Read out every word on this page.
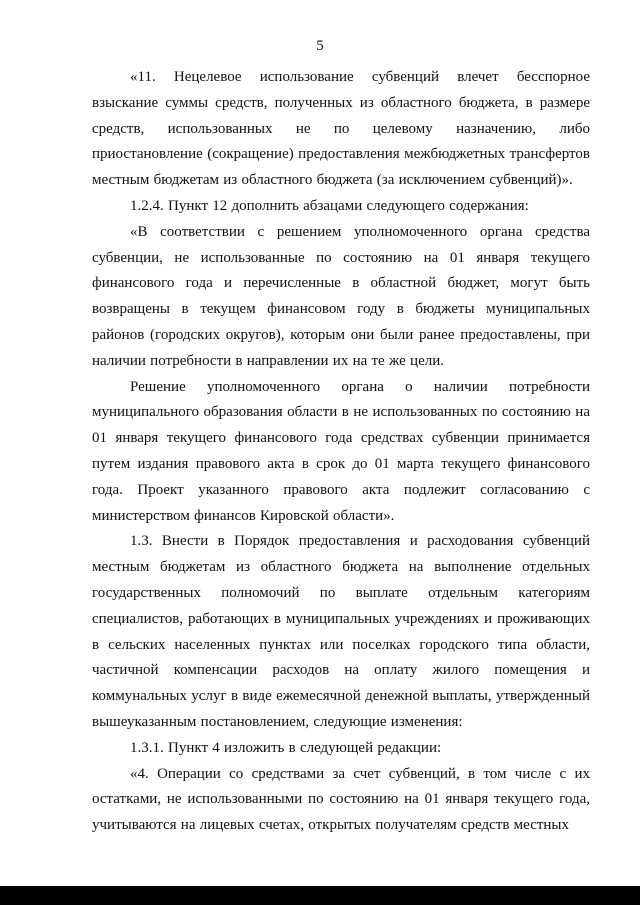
5

«11. Нецелевое использование субвенций влечет бесспорное взыскание суммы средств, полученных из областного бюджета, в размере средств, использованных не по целевому назначению, либо приостановление (сокращение) предоставления межбюджетных трансфертов местным бюджетам из областного бюджета (за исключением субвенций)».

1.2.4. Пункт 12 дополнить абзацами следующего содержания:

«В соответствии с решением уполномоченного органа средства субвенции, не использованные по состоянию на 01 января текущего финансового года и перечисленные в областной бюджет, могут быть возвращены в текущем финансовом году в бюджеты муниципальных районов (городских округов), которым они были ранее предоставлены, при наличии потребности в направлении их на те же цели.

Решение уполномоченного органа о наличии потребности муниципального образования области в не использованных по состоянию на 01 января текущего финансового года средствах субвенции принимается путем издания правового акта в срок до 01 марта текущего финансового года. Проект указанного правового акта подлежит согласованию с министерством финансов Кировской области».

1.3. Внести в Порядок предоставления и расходования субвенций местным бюджетам из областного бюджета на выполнение отдельных государственных полномочий по выплате отдельным категориям специалистов, работающих в муниципальных учреждениях и проживающих в сельских населенных пунктах или поселках городского типа области, частичной компенсации расходов на оплату жилого помещения и коммунальных услуг в виде ежемесячной денежной выплаты, утвержденный вышеуказанным постановлением, следующие изменения:

1.3.1. Пункт 4 изложить в следующей редакции:

«4. Операции со средствами за счет субвенций, в том числе с их остатками, не использованными по состоянию на 01 января текущего года, учитываются на лицевых счетах, открытых получателям средств местных
